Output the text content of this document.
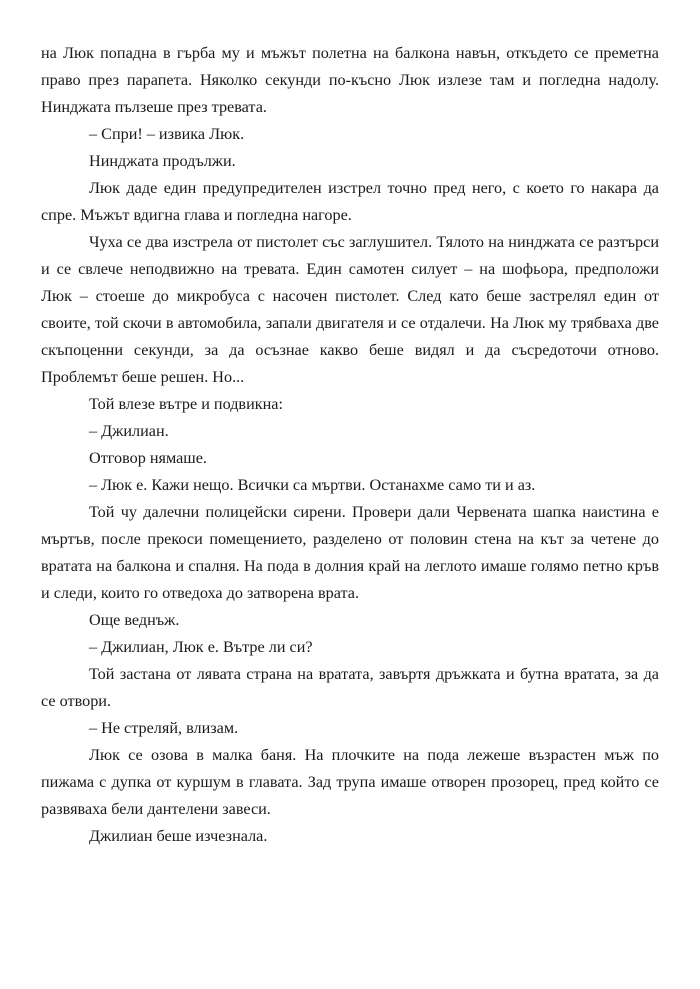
на Люк попадна в гърба му и мъжът полетна на балкона навън, откъдето се преметна право през парапета. Няколко секунди по-късно Люк излезе там и погледна надолу. Нинджата пълзеше през тревата.

– Спри! – извика Люк.

Нинджата продължи.

Люк даде един предупредителен изстрел точно пред него, с което го накара да спре. Мъжът вдигна глава и погледна нагоре.

Чуха се два изстрела от пистолет със заглушител. Тялото на нинджата се разтърси и се свлече неподвижно на тревата. Един самотен силует – на шофьора, предположи Люк – стоеше до микробуса с насочен пистолет. След като беше застрелял един от своите, той скочи в автомобила, запали двигателя и се отдалечи. На Люк му трябваха две скъпоценни секунди, за да осъзнае какво беше видял и да съсредоточи отново. Проблемът беше решен. Но...

Той влезе вътре и подвикна:

– Джилиан.

Отговор нямаше.

– Люк е. Кажи нещо. Всички са мъртви. Останахме само ти и аз.

Той чу далечни полицейски сирени. Провери дали Червената шапка наистина е мъртъв, после прекоси помещението, разделено от половин стена на кът за четене до вратата на балкона и спалня. На пода в долния край на леглото имаше голямо петно кръв и следи, които го отведоха до затворена врата.

Още веднъж.

– Джилиан, Люк е. Вътре ли си?

Той застана от лявата страна на вратата, завъртя дръжката и бутна вратата, за да се отвори.

– Не стреляй, влизам.

Люк се озова в малка баня. На плочките на пода лежеше възрастен мъж по пижама с дупка от куршум в главата. Зад трупа имаше отворен прозорец, пред който се развяваха бели дантелени завеси.

Джилиан беше изчезнала.
